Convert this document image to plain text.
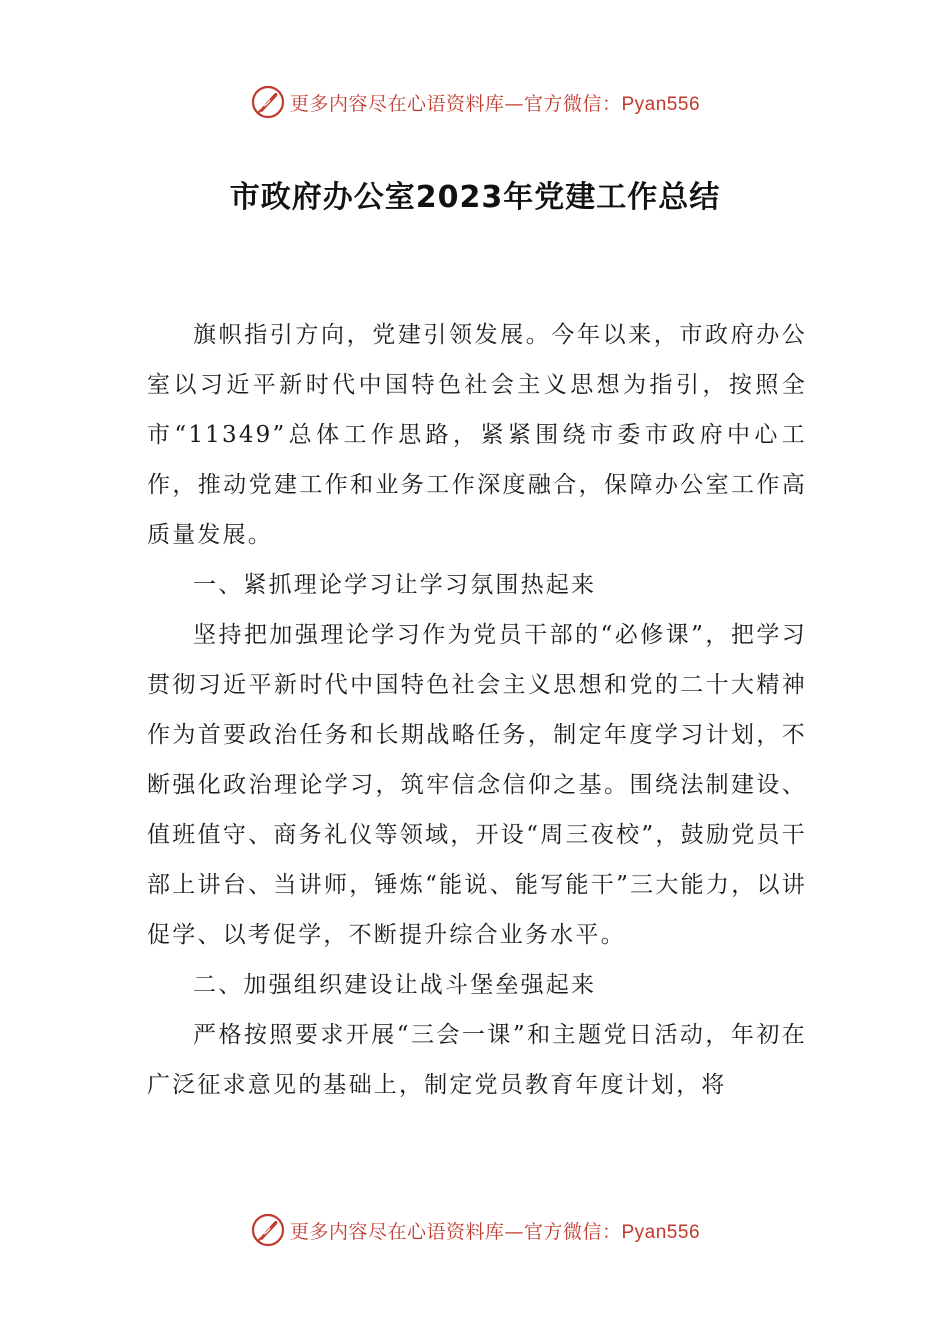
更多内容尽在心语资料库—官方微信：Pyan556
市政府办公室2023年党建工作总结

旗帜指引方向，党建引领发展。今年以来，市政府办公室以习近平新时代中国特色社会主义思想为指引，按照全市“11349”总体工作思路，紧紧围绕市委市政府中心工作，推动党建工作和业务工作深度融合，保障办公室工作高质量发展。

一、紧抓理论学习让学习氛围热起来

坚持把加强理论学习作为党员干部的“必修课”，把学习贯彻习近平新时代中国特色社会主义思想和党的二十大精神作为首要政治任务和长期战略任务，制定年度学习计划，不断强化政治理论学习，筑牢信念信仰之基。围绕法制建设、值班值守、商务礼仪等领域，开设“周三夜校”，鼓励党员干部上讲台、当讲师，锤炼“能说、能写能干”三大能力，以讲促学、以考促学，不断提升综合业务水平。

二、加强组织建设让战斗堡垒强起来

严格按照要求开展“三会一课”和主题党日活动，年初在广泛征求意见的基础上，制定党员教育年度计划，将

更多内容尽在心语资料库—官方微信：Pyan556
